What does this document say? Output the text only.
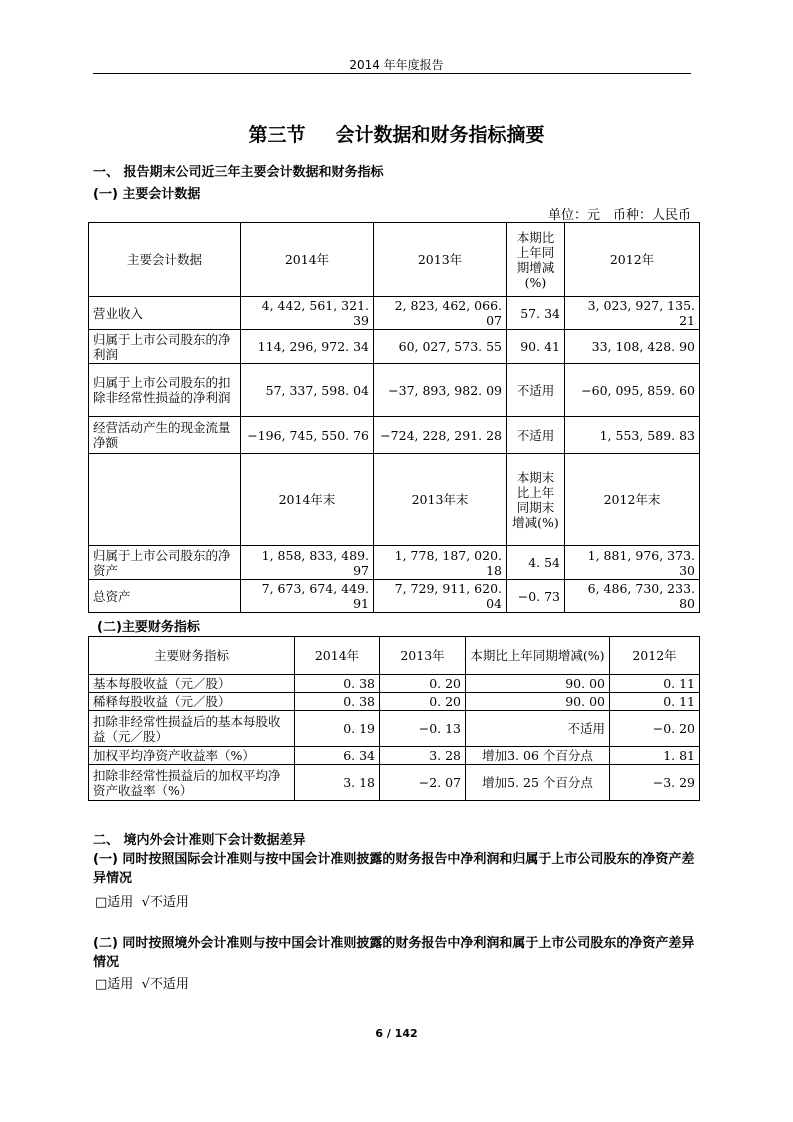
2014 年年度报告
第三节 会计数据和财务指标摘要
一、 报告期末公司近三年主要会计数据和财务指标
(一) 主要会计数据
单位：元　币种：人民币
主要会计数据	2014年	2013年	本期比上年同期增减(%)	2012年
营业收入	4, 442, 561, 321. 39	2, 823, 462, 066. 07	57. 34	3, 023, 927, 135. 21
归属于上市公司股东的净利润	114, 296, 972. 34	60, 027, 573. 55	90. 41	33, 108, 428. 90
归属于上市公司股东的扣除非经常性损益的净利润	57, 337, 598. 04	−37, 893, 982. 09	不适用	−60, 095, 859. 60
经营活动产生的现金流量净额	−196, 745, 550. 76	−724, 228, 291. 28	不适用	1, 553, 589. 83
	2014年末	2013年末	本期末比上年同期末增减(%)	2012年末
归属于上市公司股东的净资产	1, 858, 833, 489. 97	1, 778, 187, 020. 18	4. 54	1, 881, 976, 373. 30
总资产	7, 673, 674, 449. 91	7, 729, 911, 620. 04	−0. 73	6, 486, 730, 233. 80
(二)主要财务指标
主要财务指标	2014年	2013年	本期比上年同期增减(%)	2012年
基本每股收益（元／股）	0. 38	0. 20	90. 00	0. 11
稀释每股收益（元／股）	0. 38	0. 20	90. 00	0. 11
扣除非经常性损益后的基本每股收益（元／股）	0. 19	−0. 13	不适用	−0. 20
加权平均净资产收益率（%）	6. 34	3. 28	增加3. 06 个百分点	1. 81
扣除非经常性损益后的加权平均净资产收益率（%）	3. 18	−2. 07	增加5. 25 个百分点	−3. 29
二、 境内外会计准则下会计数据差异
(一) 同时按照国际会计准则与按中国会计准则披露的财务报告中净利润和归属于上市公司股东的净资产差异情况
□适用 √不适用
(二) 同时按照境外会计准则与按中国会计准则披露的财务报告中净利润和属于上市公司股东的净资产差异情况
□适用 √不适用
6 / 142
